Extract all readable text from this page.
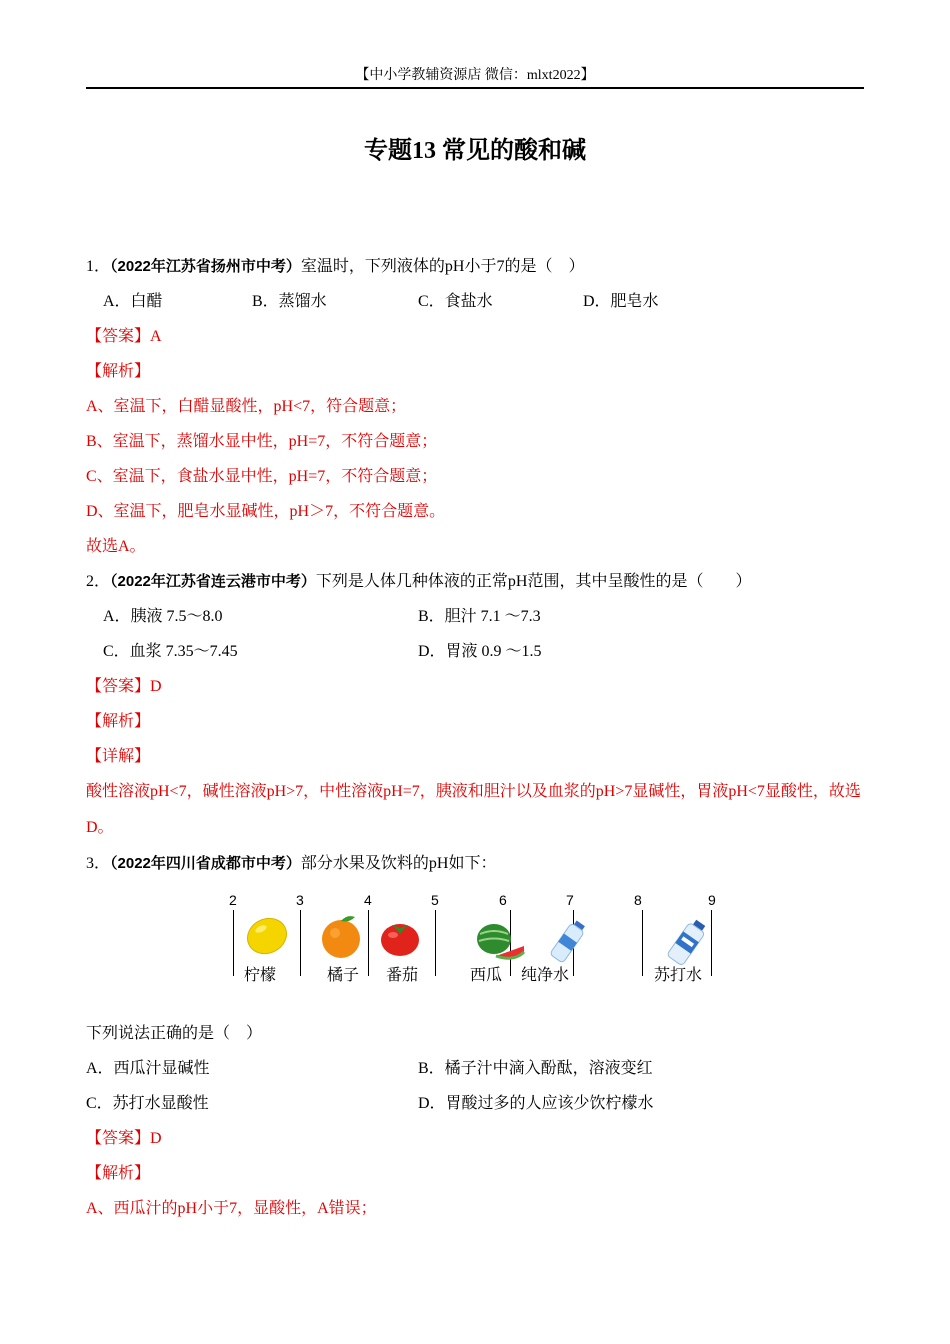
【中小学教辅资源店 微信：mlxt2022】
专题13 常见的酸和碱
1．（2022年江苏省扬州市中考）室温时，下列液体的pH小于7的是（　）
A．白醋	B．蒸馏水	C．食盐水	D．肥皂水
【答案】A
【解析】
A、室温下，白醋显酸性，pH<7，符合题意；
B、室温下，蒸馏水显中性，pH=7，不符合题意；
C、室温下，食盐水显中性，pH=7，不符合题意；
D、室温下，肥皂水显碱性，pH＞7，不符合题意。
故选A。
2．（2022年江苏省连云港市中考）下列是人体几种体液的正常pH范围，其中呈酸性的是（　　）
A．胰液 7.5～8.0	B．胆汁 7.1 ～7.3
C．血浆 7.35～7.45	D．胃液 0.9 ～1.5
【答案】D
【解析】
【详解】
酸性溶液pH<7，碱性溶液pH>7，中性溶液pH=7，胰液和胆汁以及血浆的pH>7显碱性，胃液pH<7显酸性，故选D。
3．（2022年四川省成都市中考）部分水果及饮料的pH如下：
2	3	4	5	6	7	8	9
柠檬	橘子 番茄	西瓜 纯净水	苏打水
下列说法正确的是（　）
A．西瓜汁显碱性	B．橘子汁中滴入酚酞，溶液变红
C．苏打水显酸性	D．胃酸过多的人应该少饮柠檬水
【答案】D
【解析】
A、西瓜汁的pH小于7，显酸性，A错误；
